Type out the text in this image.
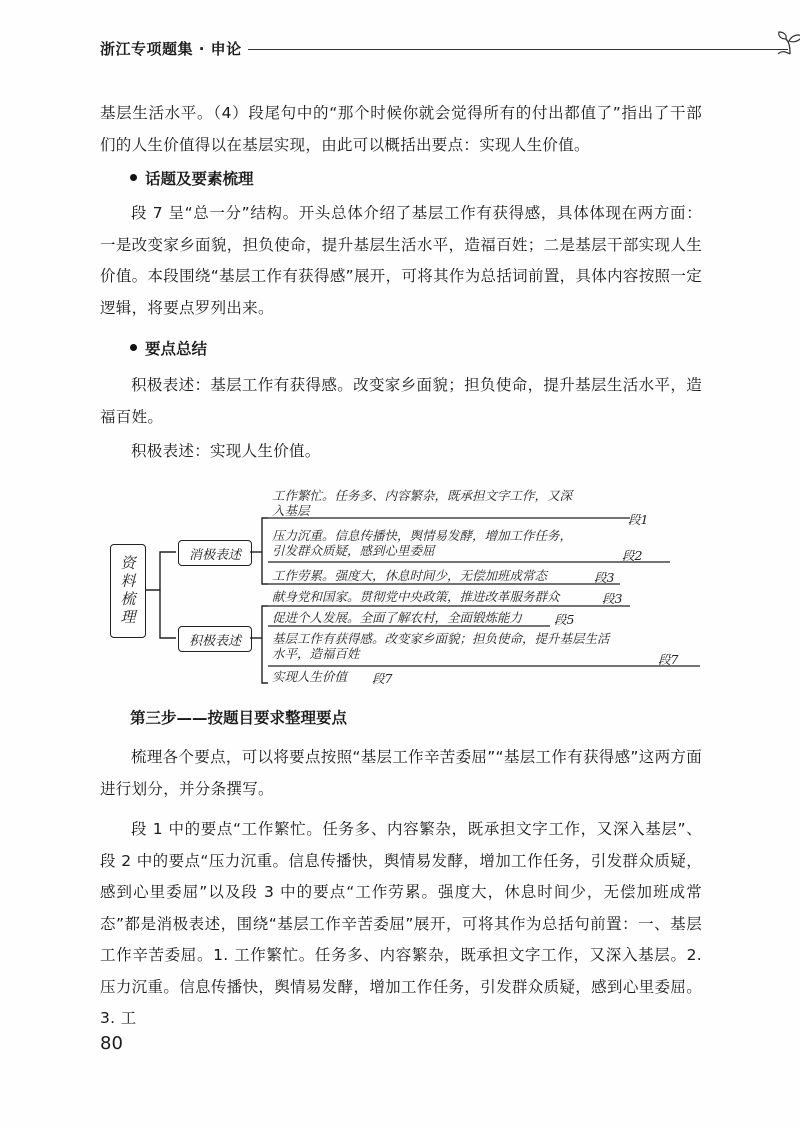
浙江专项题集 · 申论

基层生活水平。（4）段尾句中的“那个时候你就会觉得所有的付出都值了”指出了干部们的人生价值得以在基层实现，由此可以概括出要点：实现人生价值。

话题及要素梳理

段 7 呈“总一分”结构。开头总体介绍了基层工作有获得感，具体体现在两方面：一是改变家乡面貌，担负使命，提升基层生活水平，造福百姓；二是基层干部实现人生价值。本段围绕“基层工作有获得感”展开，可将其作为总括词前置，具体内容按照一定逻辑，将要点罗列出来。

要点总结

积极表述：基层工作有获得感。改变家乡面貌；担负使命，提升基层生活水平，造福百姓。

积极表述：实现人生价值。

资料梳理	消极表述
积极表述
工作繁忙。任务多、内容繁杂，既承担文字工作，又深
入基层
段1
压力沉重。信息传播快，舆情易发酵，增加工作任务，
引发群众质疑，感到心里委屈	段2
工作劳累。强度大，休息时间少，无偿加班成常态	段3
献身党和国家。贯彻党中央政策，推进改革服务群众	段3
促进个人发展。全面了解农村，全面锻炼能力	段5
基层工作有获得感。改变家乡面貌；担负使命，提升基层生活
水平，造福百姓	段7
实现人生价值 段7
第三步——按题目要求整理要点

梳理各个要点，可以将要点按照“基层工作辛苦委屈”“基层工作有获得感”这两方面进行划分，并分条撰写。

段 1 中的要点“工作繁忙。任务多、内容繁杂，既承担文字工作，又深入基层”、段 2 中的要点“压力沉重。信息传播快，舆情易发酵，增加工作任务，引发群众质疑，感到心里委屈”以及段 3 中的要点“工作劳累。强度大，休息时间少，无偿加班成常态”都是消极表述，围绕“基层工作辛苦委屈”展开，可将其作为总括句前置：一、基层工作辛苦委屈。1. 工作繁忙。任务多、内容繁杂，既承担文字工作，又深入基层。2. 压力沉重。信息传播快，舆情易发酵，增加工作任务，引发群众质疑，感到心里委屈。3. 工

80
